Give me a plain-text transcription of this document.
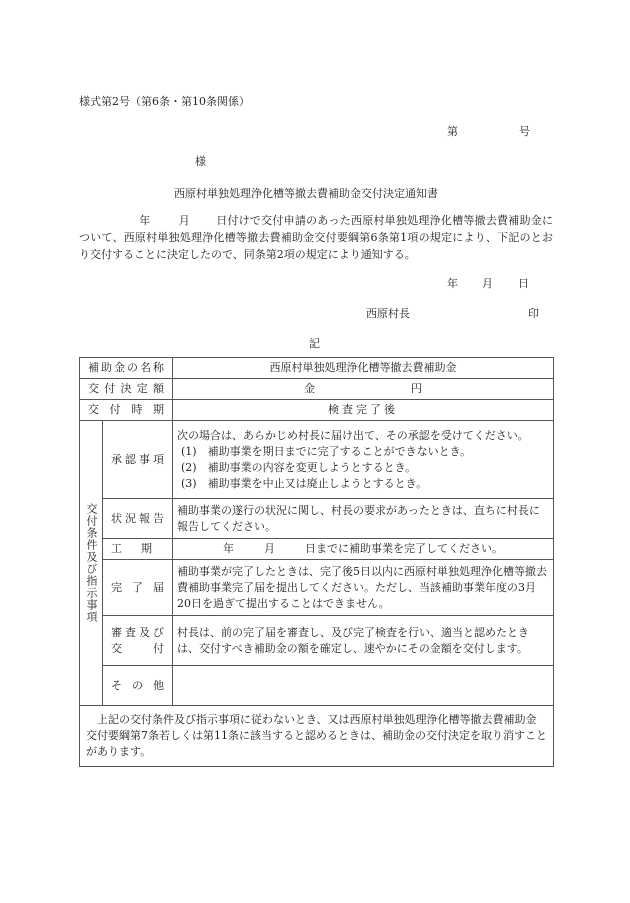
様式第2号（第6条・第10条関係）
第	号
様
西原村単独処理浄化槽等撤去費補助金交付決定通知書
年	月 日付けで交付申請のあった西原村単独処理浄化槽等撤去費補助金について、西原村単独処理浄化槽等撤去費補助金交付要綱第6条第1項の規定により、下記のとおり交付することに決定したので、同条第2項の規定により通知する。
年 月 日
西原村長	印
記
補助金の名称		西原村単独処理浄化槽等撤去費補助金
交付決定額		金 円
交付時期		検査完了後

交付条件及び指示事項	承認事項	次の場合は、あらかじめ村長に届け出て、その承認を受けてください。

(1)　補助事業を期日までに完了することができないとき。

(2)　補助事業の内容を変更しようとするとき。

(3)　補助事業を中止又は廃止しようとするとき。

	状況報告	補助事業の遂行の状況に関し、村長の要求があったときは、直ちに村長に報告してください。
	工期	年 月 日までに補助事業を完了してください。
	完了届	補助事業が完了したときは、完了後5日以内に西原村単独処理浄化槽等撤去費補助事業完了届を提出してください。ただし、当該補助事業年度の3月20日を過ぎて提出することはできません。

	審査及び
交付	村長は、前の完了届を審査し、及び完了検査を行い、適当と認めたときは、交付すべき補助金の額を確定し、速やかにその金額を交付します。
	その他	
上記の交付条件及び指示事項に従わないとき、又は西原村単独処理浄化槽等撤去費補助金交付要綱第7条若しくは第11条に該当すると認めるときは、補助金の交付決定を取り消すことがあります。		
